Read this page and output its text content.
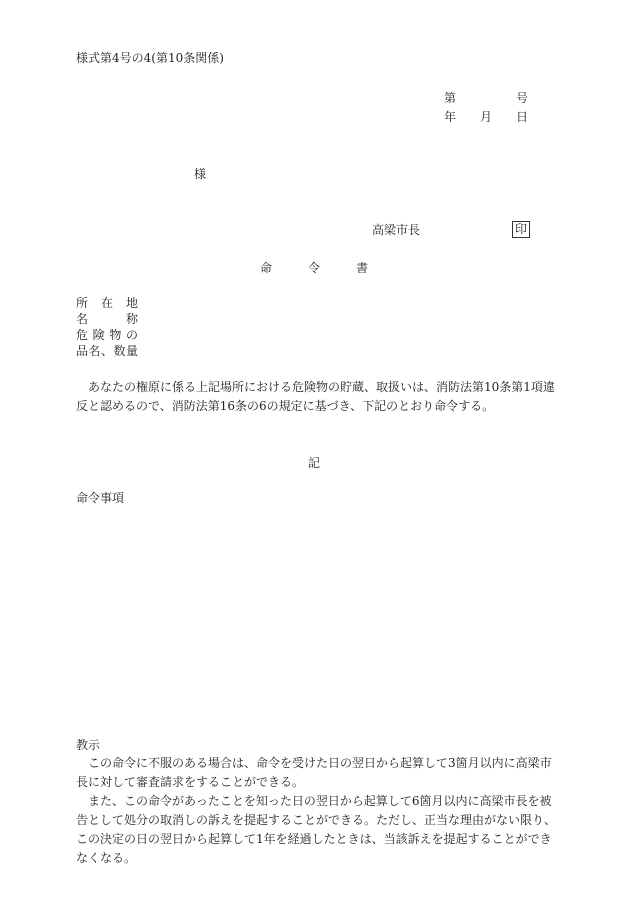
様式第4号の4(第10条関係)
第	号
年 月 日
様
高梁市長	印
命	令	書
所 在 地
名	称
危 険 物 の
品 名 、 数 量
　あなたの権原に係る上記場所における危険物の貯蔵、取扱いは、消防法第10条第1項違
反と認めるので、消防法第16条の6の規定に基づき、下記のとおり命令する。
記
命令事項
教示
　この命令に不服のある場合は、命令を受けた日の翌日から起算して3箇月以内に高梁市
長に対して審査請求をすることができる。
　また、この命令があったことを知った日の翌日から起算して6箇月以内に高梁市長を被
告として処分の取消しの訴えを提起することができる。ただし、正当な理由がない限り、
この決定の日の翌日から起算して1年を経過したときは、当該訴えを提起することができ
なくなる。
